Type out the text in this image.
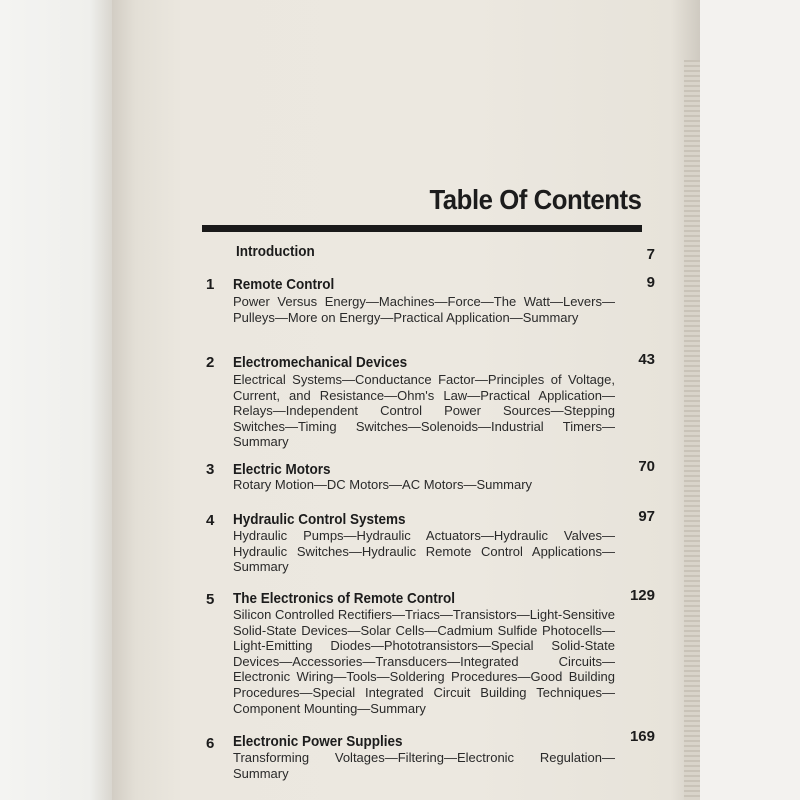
Table Of Contents
Introduction	7
1 Remote Control	9
Power Versus Energy—Machines—Force—The Watt—Levers—Pulleys—More on Energy—Practical Application—Summary
2 Electromechanical Devices	43
Electrical Systems—Conductance Factor—Principles of Voltage, Current, and Resistance—Ohm's Law—Practical Application—Relays—Independent Control Power Sources—Stepping Switches—Timing Switches—Solenoids—Industrial Timers—Summary
3 Electric Motors	70
Rotary Motion—DC Motors—AC Motors—Summary
4 Hydraulic Control Systems	97
Hydraulic Pumps—Hydraulic Actuators—Hydraulic Valves—Hydraulic Switches—Hydraulic Remote Control Applications—Summary
5 The Electronics of Remote Control	129
Silicon Controlled Rectifiers—Triacs—Transistors—Light-Sensitive Solid-State Devices—Solar Cells—Cadmium Sulfide Photocells—Light-Emitting Diodes—Phototransistors—Special Solid-State Devices—Accessories—Transducers—Integrated Circuits—Electronic Wiring—Tools—Soldering Procedures—Good Building Procedures—Special Integrated Circuit Building Techniques—Component Mounting—Summary
6 Electronic Power Supplies	169
Transforming Voltages—Filtering—Electronic Regulation—Summary
